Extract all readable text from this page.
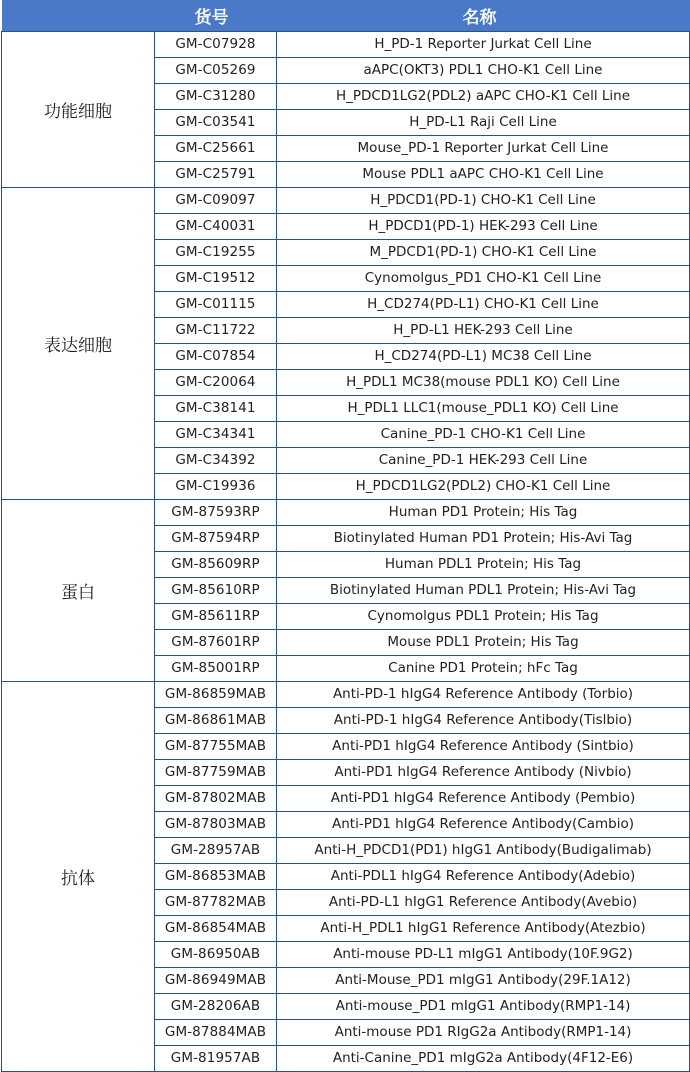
	货号	名称
功能细胞	GM-C07928	H_PD-1 Reporter Jurkat Cell Line
	GM-C05269	aAPC(OKT3) PDL1 CHO-K1 Cell Line
	GM-C31280	H_PDCD1LG2(PDL2) aAPC CHO-K1 Cell Line
	GM-C03541	H_PD-L1 Raji Cell Line
	GM-C25661	Mouse_PD-1 Reporter Jurkat Cell Line
	GM-C25791	Mouse PDL1 aAPC CHO-K1 Cell Line
表达细胞	GM-C09097	H_PDCD1(PD-1) CHO-K1 Cell Line
	GM-C40031	H_PDCD1(PD-1) HEK-293 Cell Line
	GM-C19255	M_PDCD1(PD-1) CHO-K1 Cell Line
	GM-C19512	Cynomolgus_PD1 CHO-K1 Cell Line
	GM-C01115	H_CD274(PD-L1) CHO-K1 Cell Line
	GM-C11722	H_PD-L1 HEK-293 Cell Line
	GM-C07854	H_CD274(PD-L1) MC38 Cell Line
	GM-C20064	H_PDL1 MC38(mouse PDL1 KO) Cell Line
	GM-C38141	H_PDL1 LLC1(mouse_PDL1 KO) Cell Line
	GM-C34341	Canine_PD-1 CHO-K1 Cell Line
	GM-C34392	Canine_PD-1 HEK-293 Cell Line
	GM-C19936	H_PDCD1LG2(PDL2) CHO-K1 Cell Line
蛋白	GM-87593RP	Human PD1 Protein; His Tag
	GM-87594RP	Biotinylated Human PD1 Protein; His-Avi Tag
	GM-85609RP	Human PDL1 Protein; His Tag
	GM-85610RP	Biotinylated Human PDL1 Protein; His-Avi Tag
	GM-85611RP	Cynomolgus PDL1 Protein; His Tag
	GM-87601RP	Mouse PDL1 Protein; His Tag
	GM-85001RP	Canine PD1 Protein; hFc Tag
抗体	GM-86859MAB	Anti-PD-1 hIgG4 Reference Antibody (Torbio)
	GM-86861MAB	Anti-PD-1 hIgG4 Reference Antibody(Tislbio)
	GM-87755MAB	Anti-PD1 hIgG4 Reference Antibody (Sintbio)
	GM-87759MAB	Anti-PD1 hIgG4 Reference Antibody (Nivbio)
	GM-87802MAB	Anti-PD1 hIgG4 Reference Antibody (Pembio)
	GM-87803MAB	Anti-PD1 hIgG4 Reference Antibody(Cambio)
	GM-28957AB	Anti-H_PDCD1(PD1) hIgG1 Antibody(Budigalimab)
	GM-86853MAB	Anti-PDL1 hIgG4 Reference Antibody(Adebio)
	GM-87782MAB	Anti-PD-L1 hIgG1 Reference Antibody(Avebio)
	GM-86854MAB	Anti-H_PDL1 hIgG1 Reference Antibody(Atezbio)
	GM-86950AB	Anti-mouse PD-L1 mIgG1 Antibody(10F.9G2)
	GM-86949MAB	Anti-Mouse_PD1 mIgG1 Antibody(29F.1A12)
	GM-28206AB	Anti-mouse_PD1 mIgG1 Antibody(RMP1-14)
	GM-87884MAB	Anti-mouse PD1 RIgG2a Antibody(RMP1-14)
	GM-81957AB	Anti-Canine_PD1 mIgG2a Antibody(4F12-E6)
